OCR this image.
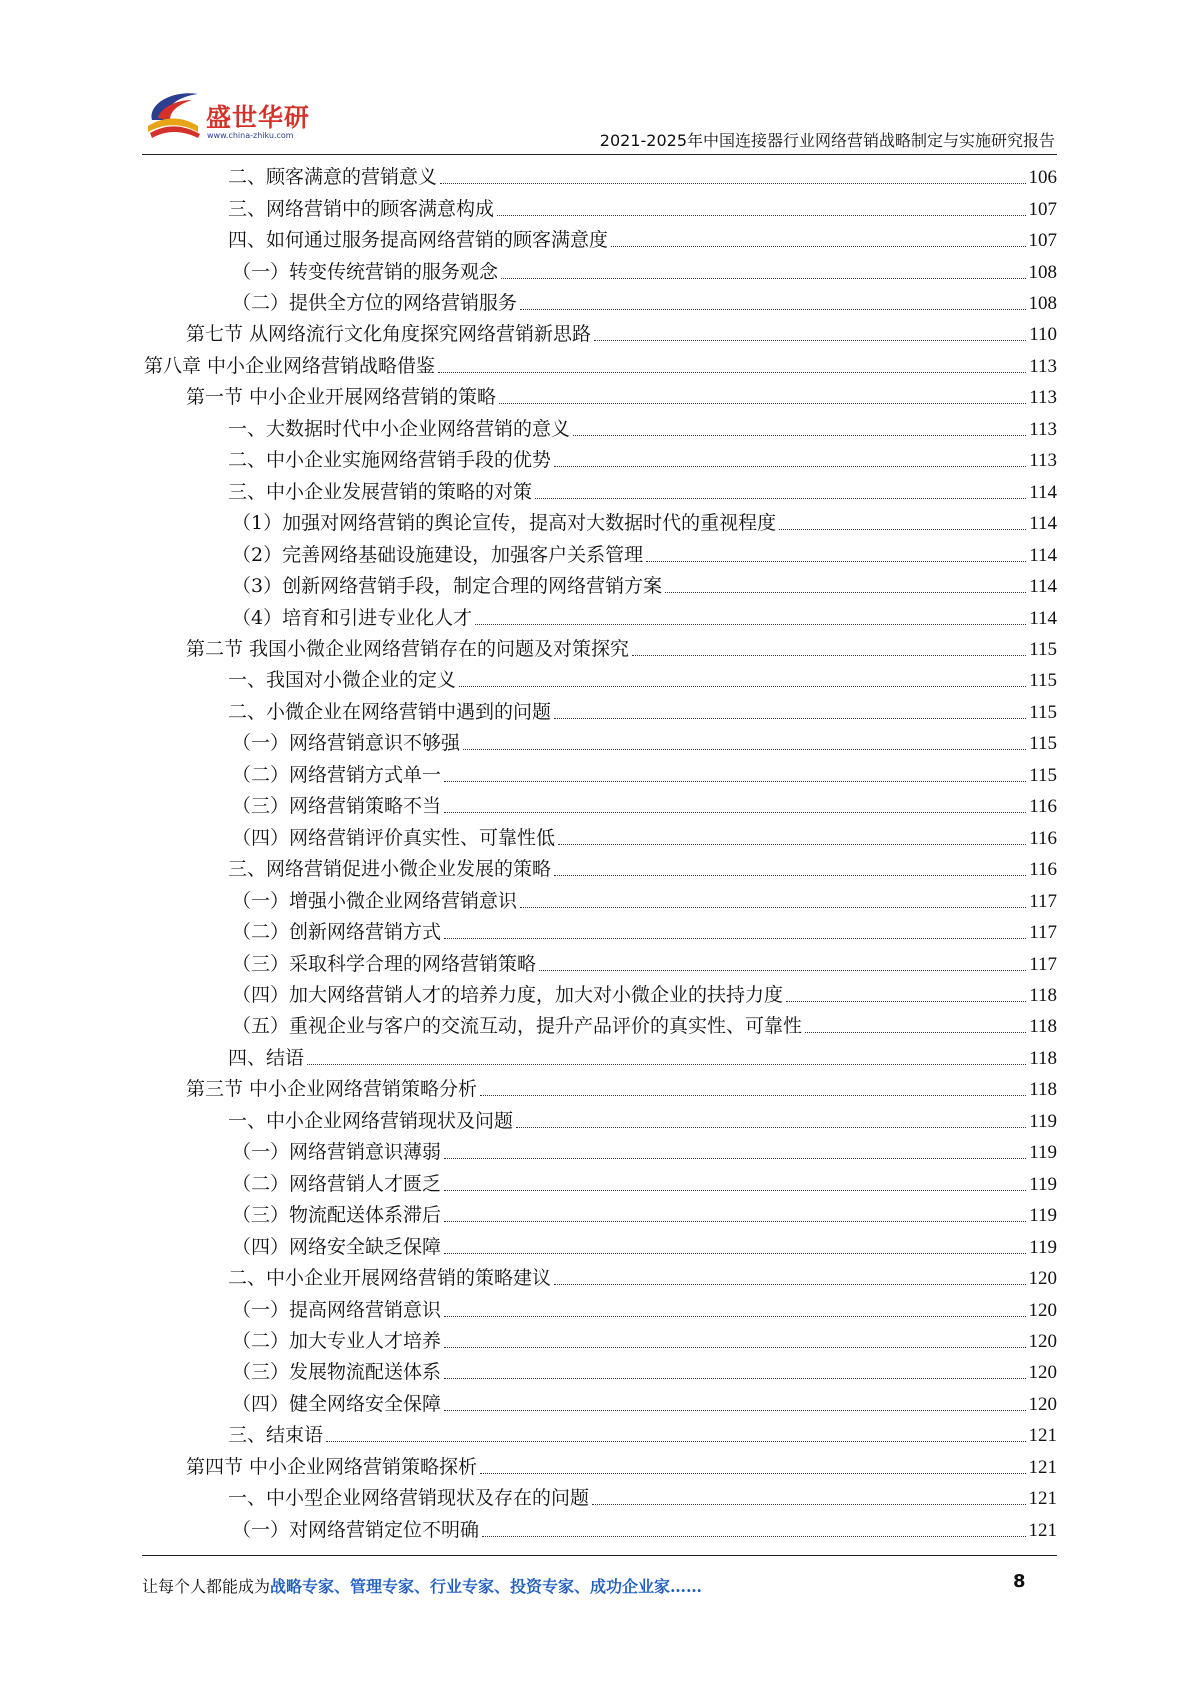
盛世华研
www.china-zhiku.com	2021-2025年中国连接器行业网络营销战略制定与实施研究报告
二、顾客满意的营销意义	106
三、网络营销中的顾客满意构成	107
四、如何通过服务提高网络营销的顾客满意度	107
（一）转变传统营销的服务观念	108
（二）提供全方位的网络营销服务	108
第七节 从网络流行文化角度探究网络营销新思路	110
第八章 中小企业网络营销战略借鉴	113
第一节 中小企业开展网络营销的策略	113
一、大数据时代中小企业网络营销的意义	113
二、中小企业实施网络营销手段的优势	113
三、中小企业发展营销的策略的对策	114
（1）加强对网络营销的舆论宣传，提高对大数据时代的重视程度	114
（2）完善网络基础设施建设，加强客户关系管理	114
（3）创新网络营销手段，制定合理的网络营销方案	114
（4）培育和引进专业化人才	114
第二节 我国小微企业网络营销存在的问题及对策探究	115
一、我国对小微企业的定义	115
二、小微企业在网络营销中遇到的问题	115
（一）网络营销意识不够强	115
（二）网络营销方式单一	115
（三）网络营销策略不当	116
（四）网络营销评价真实性、可靠性低	116
三、网络营销促进小微企业发展的策略	116
（一）增强小微企业网络营销意识	117
（二）创新网络营销方式	117
（三）采取科学合理的网络营销策略	117
（四）加大网络营销人才的培养力度，加大对小微企业的扶持力度	118
（五）重视企业与客户的交流互动，提升产品评价的真实性、可靠性	118
四、结语	118
第三节 中小企业网络营销策略分析	118
一、中小企业网络营销现状及问题	119
（一）网络营销意识薄弱	119
（二）网络营销人才匮乏	119
（三）物流配送体系滞后	119
（四）网络安全缺乏保障	119
二、中小企业开展网络营销的策略建议	120
（一）提高网络营销意识	120
（二）加大专业人才培养	120
（三）发展物流配送体系	120
（四）健全网络安全保障	120
三、结束语	121
第四节 中小企业网络营销策略探析	121
一、中小型企业网络营销现状及存在的问题	121
（一）对网络营销定位不明确	121
让每个人都能成为战略专家、管理专家、行业专家、投资专家、成功企业家……	8
